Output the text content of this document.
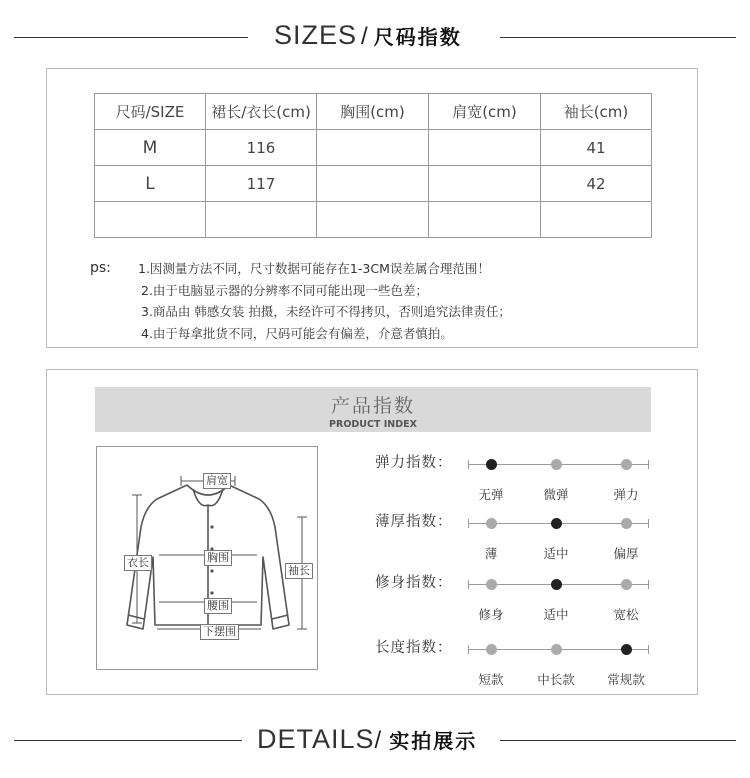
SIZES / 尺码指数
尺码/SIZE	裙长/衣长(cm)	胸围(cm)	肩宽(cm)	袖长(cm)
M	116			41
L	117			42

ps: 1.因测量方法不同，尺寸数据可能存在1-3CM误差属合理范围！
2.由于电脑显示器的分辨率不同可能出现一些色差；
3.商品由 韩感女装 拍摄，未经许可不得拷贝，否则追究法律责任；
4.由于每拿批货不同，尺码可能会有偏差，介意者慎拍。
产品指数
PRODUCT INDEX
肩宽
衣长	胸围
袖长
腰围
下摆围
弹力指数：
无弹	微弹	弹力
薄厚指数：
薄	适中	偏厚
修身指数：
修身	适中	宽松
长度指数：
短款	中长款	常规款
DETAILS / 实拍展示
